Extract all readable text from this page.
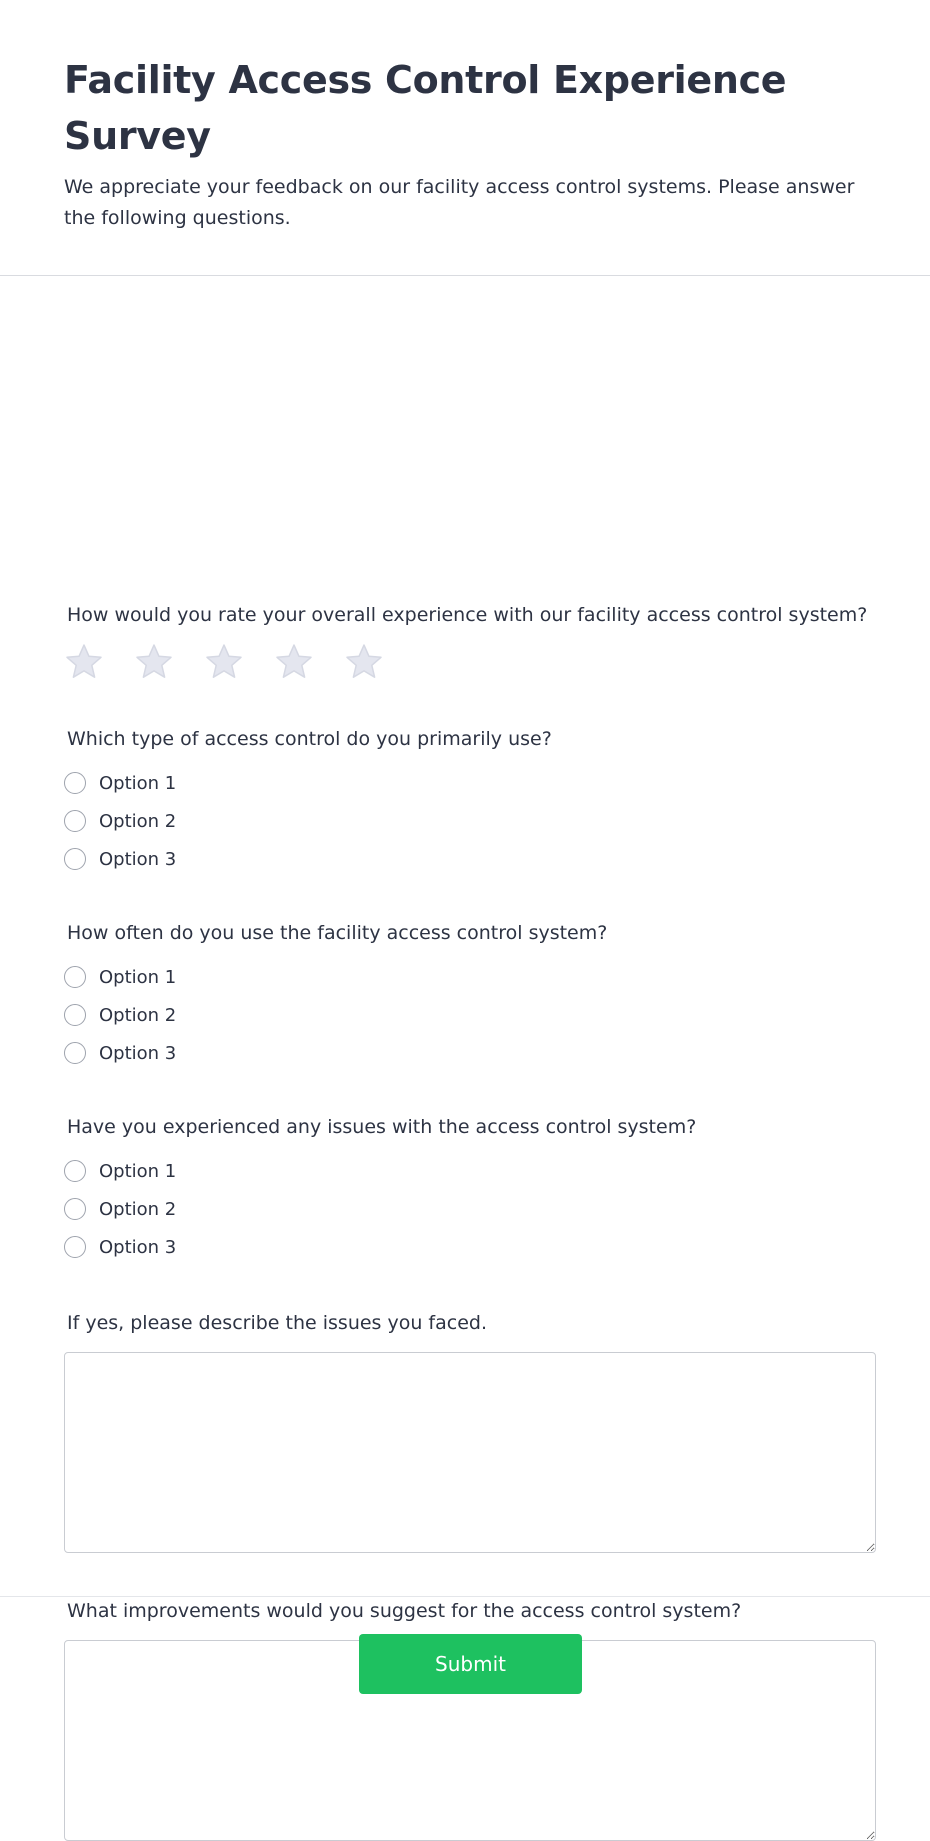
Facility Access Control Experience Survey

We appreciate your feedback on our facility access control systems. Please answer the following questions.

How would you rate your overall experience with our facility access control system?

Which type of access control do you primarily use?

Option 1
Option 2
Option 3

How often do you use the facility access control system?

Option 1
Option 2
Option 3

Have you experienced any issues with the access control system?

Option 1
Option 2
Option 3

If yes, please describe the issues you faced.

What improvements would you suggest for the access control system?

Submit
